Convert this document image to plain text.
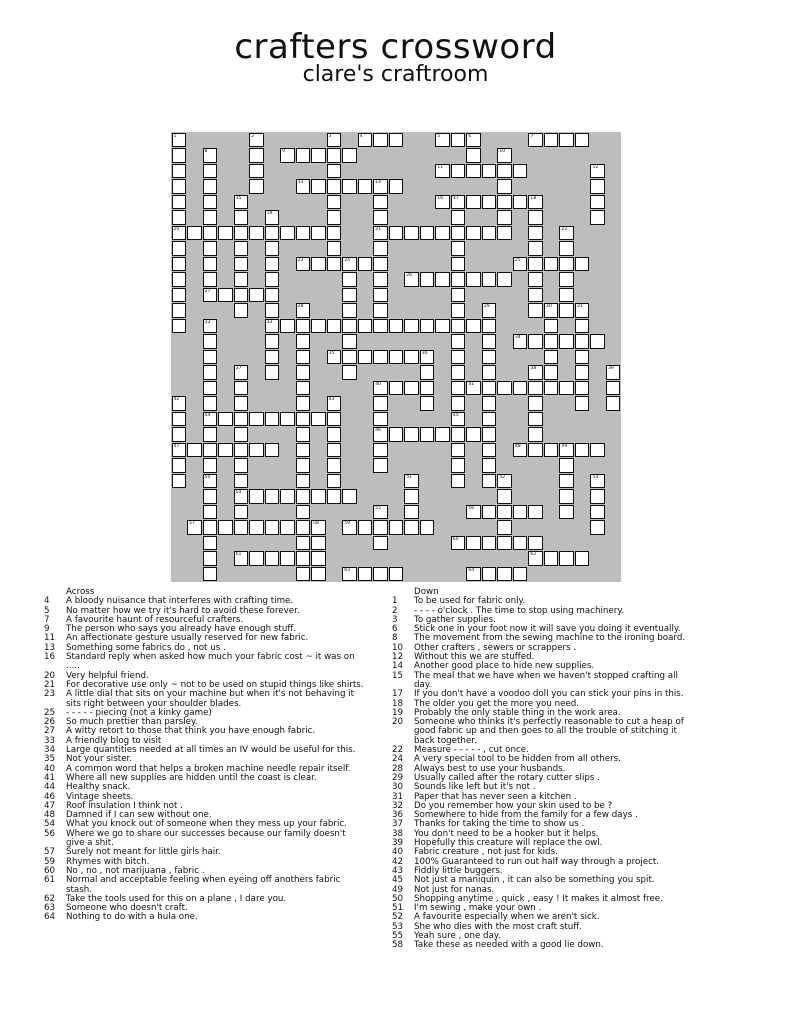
crafters crossword
clare's craftroom
4	5	6	7
9
11
13	14
16 17	18
20	21
23	24	25
26
27
33
34
35
40	41
44
46
47	48	49
54
56
57	59
60
61	62
63	64
1	2	3
8	10
12
15
45
19
22
28	29	30	31
32
50
36
37	38	39
42	43
51	52	53
55
58
Across
4	A bloody nuisance that interferes with crafting time.
5	No matter how we try it's hard to avoid these forever.
7	A favourite haunt of resourceful crafters.
9	The person who says you already have enough stuff.
11	An affectionate gesture usually reserved for new fabric.
13	Something some fabrics do , not us .
16	Standard reply when asked how much your fabric cost ~ it was on .....
20	Very helpful friend.
21	For decorative use only ~ not to be used on stupid things like shirts.
23	A little dial that sits on your machine but when it's not behaving it sits right between your shoulder blades.
25	- - - - - piecing (not a kinky game)
26	So much prettier than parsley.
27	A witty retort to those that think you have enough fabric.
33	A friendly blog to visit
34	Large quantities needed at all times an IV would be useful for this.
35	Not your sister.
40	A common word that helps a broken machine needle repair itself.
41	Where all new supplies are hidden until the coast is clear.
44	Healthy snack.
46	Vintage sheets.
47	Roof insulation I think not .
48	Damned if I can sew without one.
54	What you knock out of someone when they mess up your fabric.
56	Where we go to share our successes because our family doesn't give a shit.
57	Surely not meant for little girls hair.
59	Rhymes with bitch.
60	No , no , not marijuana , fabric .
61	Normal and acceptable feeling when eyeing off anothers fabric stash.
62	Take the tools used for this on a plane , I dare you.
63	Someone who doesn't craft.
64	Nothing to do with a hula one.
Down
1	To be used for fabric only.
2	- - - - o'clock . The time to stop using machinery.
3	To gather supplies.
6	Stick one in your foot now it will save you doing it eventually.
8	The movement from the sewing machine to the ironing board.
10	Other crafters , sewers or scrappers .
12	Without this we are stuffed.
14	Another good place to hide new supplies.
15	The meal that we have when we haven't stopped crafting all day.
17	If you don't have a voodoo doll you can stick your pins in this.
18	The older you get the more you need.
19	Probably the only stable thing in the work area.
20	Someone who thinks it's perfectly reasonable to cut a heap of good fabric up and then goes to all the trouble of stitching it back together.
22	Measure - - - - - , cut once.
24	A very special tool to be hidden from all others.
28	Always best to use your husbands.
29	Usually called after the rotary cutter slips .
30	Sounds like left but it's not .
31	Paper that has never seen a kitchen .
32	Do you remember how your skin used to be ?
36	Somewhere to hide from the family for a few days .
37	Thanks for taking the time to show us .
38	You don't need to be a hooker but it helps.
39	Hopefully this creature will replace the owl.
40	Fabric creature , not just for kids.
42	100% Guaranteed to run out half way through a project.
43	Fiddly little buggers.
45	Not just a maniquin , it can also be something you spit.
49	Not just for nanas.
50	Shopping anytime , quick , easy ! It makes it almost free.
51	I'm sewing , make your own .
52	A favourite especially when we aren't sick.
53	She who dies with the most craft stuff.
55	Yeah sure , one day.
58	Take these as needed with a good lie down.
